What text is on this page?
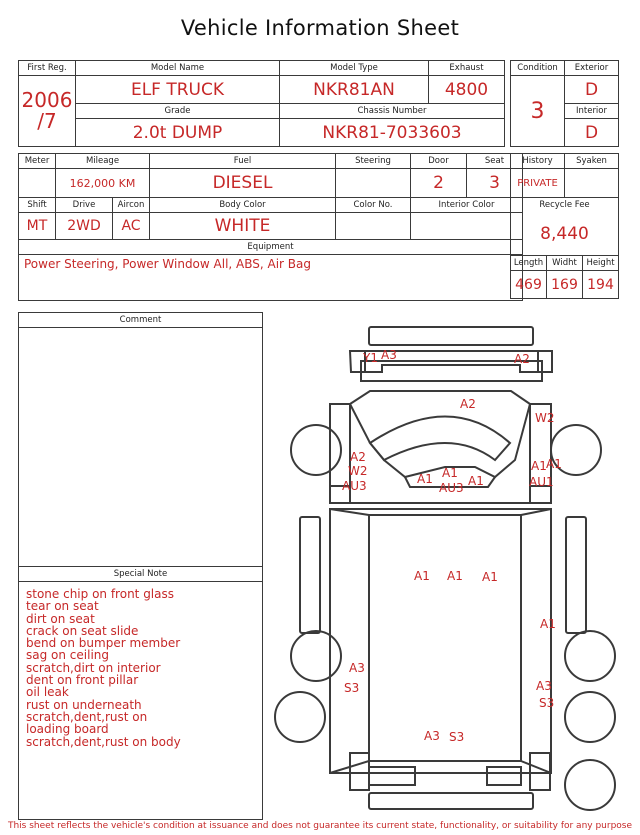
Vehicle Information Sheet
First Reg.	Model Name	Model Type	Exhaust

2006
/7	ELF TRUCK	NKR81AN	4800
	Grade	Chassis Number	
	2.0t DUMP	NKR81-7033603	
Condition	Exterior
3	D
	Interior
	D
Meter	Mileage		Fuel	Steering	Door	Seat
	162,000 KM		DIESEL		2	3
Shift	Drive	Aircon	Body Color	Color No.	Interior Color	
MT	2WD	AC	WHITE			
Equipment						
Power Steering, Power Window All, ABS, Air Bag						
History		Syaken	
PRIVATE			
Recycle Fee			
8,440			
Length	Widht		Height
469	169		194
Comment
Special Note
stone chip on front glass
tear on seat
dirt on seat
crack on seat slide
bend on bumper member
sag on ceiling
scratch,dirt on interior
dent on front pillar
oil leak
rust on underneath
scratch,dent,rust on
loading board
scratch,dent,rust on body
Y1 A3	A2
A2
W2
A2
W2
AU3	A1 A1
AU3 A1
A1 A1
AU1
A1 A1 A1
A1
A3
S3	A3
S3
A3 S3
This sheet reflects the vehicle's condition at issuance and does not guarantee its current state, functionality, or suitability for any purpose
